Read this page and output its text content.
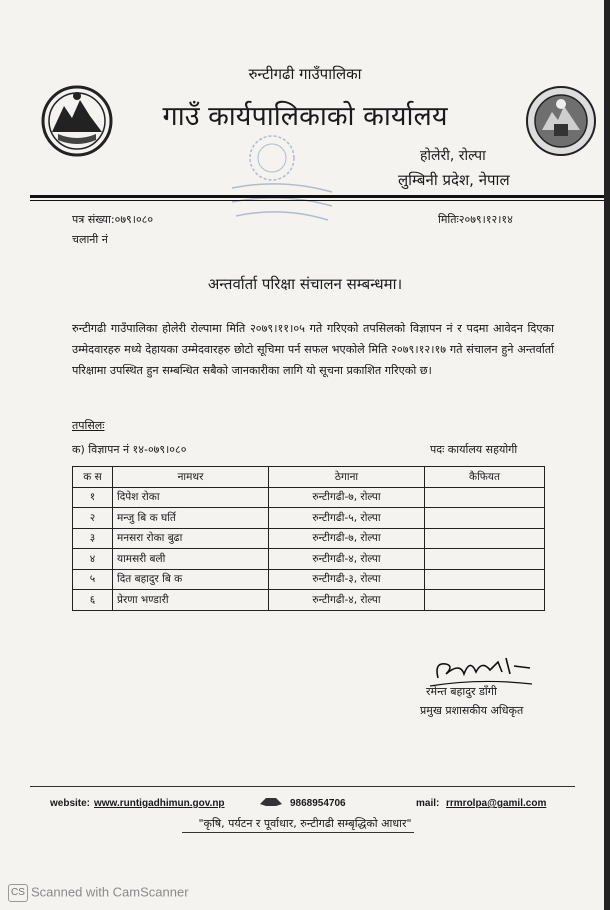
रुन्टीगढी गाउँपालिका
गाउँ कार्यपालिकाको कार्यालय
होलेरी, रोल्पा
लुम्बिनी प्रदेश, नेपाल
पत्र संख्या:०७९।०८०
चलानी नं
मितिः२०७९।१२।१४
अन्तर्वार्ता परिक्षा संचालन सम्बन्धमा।
रुन्टीगढी गाउँपालिका होलेरी रोल्पामा मिति २०७९।११।०५ गते गरिएको तपसिलको विज्ञापन नं र पदमा आवेदन दिएका उम्मेदवारहरु मध्ये देहायका उम्मेदवारहरु छोटो सूचिमा पर्न सफल भएकोले मिति २०७९।१२।१७ गते संचालन हुने अन्तर्वार्ता परिक्षामा उपस्थित हुन सम्बन्धित सबैको जानकारीका लागि यो सूचना प्रकाशित गरिएको छ।
तपसिलः
क) विज्ञापन नं १४-०७९।०८०	पदः कार्यालय सहयोगी
क स	नामथर	ठेगाना	कैफियत
१	दिपेश रोका	रुन्टीगढी-७, रोल्पा	
२	मन्जु बि क घर्ति	रुन्टीगढी-५, रोल्पा	
३	मनसरा रोका बुढा	रुन्टीगढी-७, रोल्पा	
४	यामसरी बली	रुन्टीगढी-४, रोल्पा	
५	दित बहादुर बि क	रुन्टीगढी-३, रोल्पा	
६	प्रेरणा भण्डारी	रुन्टीगढी-४, रोल्पा	
रमेन्त बहादुर डाँगी
प्रमुख प्रशासकीय अधिकृत
website: www.runtigadhimun.gov.np	9868954706	mail: rrmrolpa@gamil.com
"कृषि, पर्यटन र पूर्वाधार, रुन्टीगढी सम्बृद्धिको आधार"
CS Scanned with CamScanner
